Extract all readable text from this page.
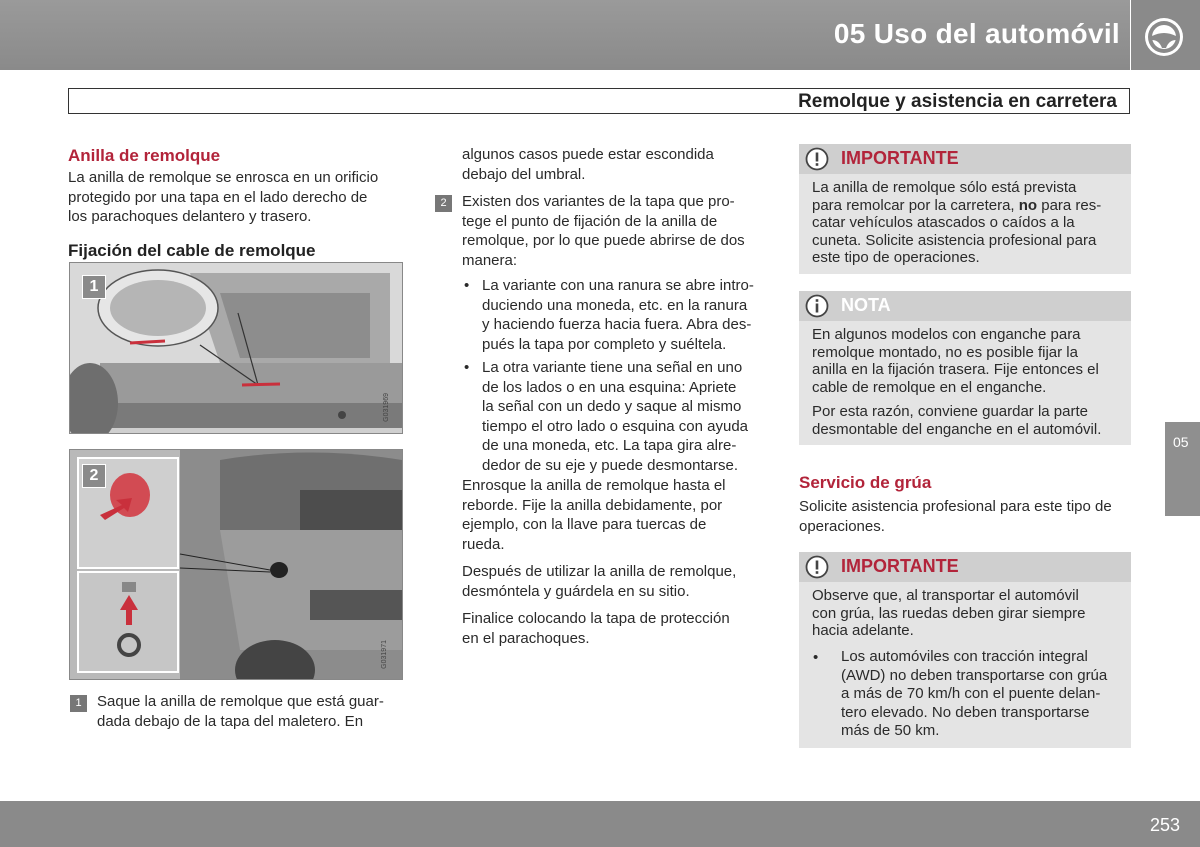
05 Uso del automóvil
Remolque y asistencia en carretera
Anilla de remolque
La anilla de remolque se enrosca en un orificio
protegido por una tapa en el lado derecho de
los parachoques delantero y trasero.
Fijación del cable de remolque
1
G031969
2
G031971
1	Saque la anilla de remolque que está guar-
dada debajo de la tapa del maletero. En
algunos casos puede estar escondida
debajo del umbral.
2	Existen dos variantes de la tapa que pro-
tege el punto de fijación de la anilla de
remolque, por lo que puede abrirse de dos
manera:
• La variante con una ranura se abre intro-
duciendo una moneda, etc. en la ranura
y haciendo fuerza hacia fuera. Abra des-
pués la tapa por completo y suéltela.
• La otra variante tiene una señal en uno
de los lados o en una esquina: Apriete
la señal con un dedo y saque al mismo
tiempo el otro lado o esquina con ayuda
de una moneda, etc. La tapa gira alre-
dedor de su eje y puede desmontarse.
Enrosque la anilla de remolque hasta el
reborde. Fije la anilla debidamente, por
ejemplo, con la llave para tuercas de
rueda.
Después de utilizar la anilla de remolque,
desmóntela y guárdela en su sitio.
Finalice colocando la tapa de protección
en el parachoques.
IMPORTANTE
La anilla de remolque sólo está prevista
para remolcar por la carretera, no para res-
catar vehículos atascados o caídos a la
cuneta. Solicite asistencia profesional para
este tipo de operaciones.
NOTA
En algunos modelos con enganche para
remolque montado, no es posible fijar la
anilla en la fijación trasera. Fije entonces el
cable de remolque en el enganche.
Por esta razón, conviene guardar la parte
desmontable del enganche en el automóvil.
Servicio de grúa
Solicite asistencia profesional para este tipo de
operaciones.
IMPORTANTE
Observe que, al transportar el automóvil
con grúa, las ruedas deben girar siempre
hacia adelante.
• Los automóviles con tracción integral
(AWD) no deben transportarse con grúa
a más de 70 km/h con el puente delan-
tero elevado. No deben transportarse
más de 50 km.
05
253
